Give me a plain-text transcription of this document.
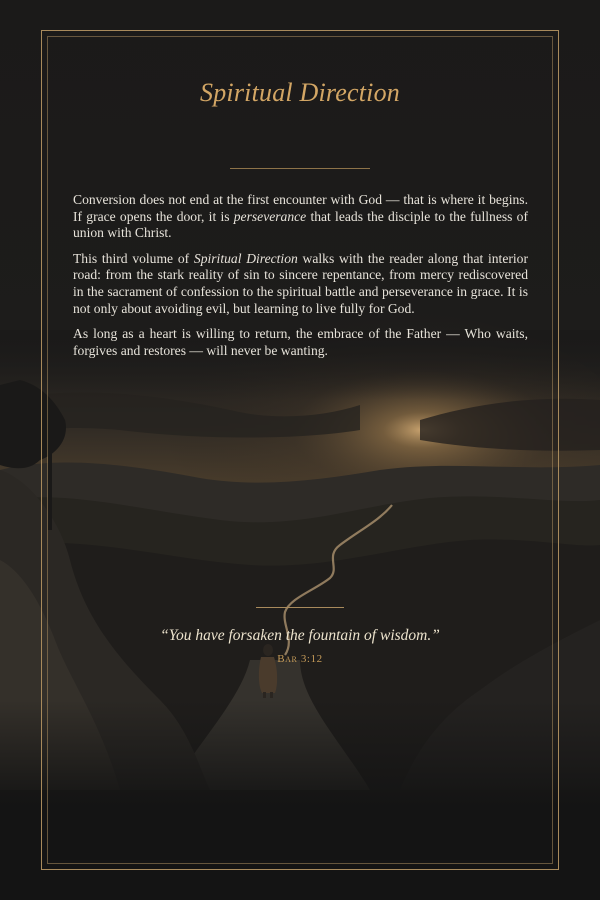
Spiritual Direction

Conversion does not end at the first encounter with God — that is where it begins. If grace opens the door, it is perseverance that leads the disciple to the fullness of union with Christ.

This third volume of Spiritual Direction walks with the reader along that interior road: from the stark reality of sin to sincere repentance, from mercy rediscovered in the sacrament of confession to the spiritual battle and perseverance in grace. It is not only about avoiding evil, but learning to live fully for God.

As long as a heart is willing to return, the embrace of the Father — Who waits, forgives and restores — will never be wanting.

“You have forsaken the fountain of wisdom.”
Bar 3:12
